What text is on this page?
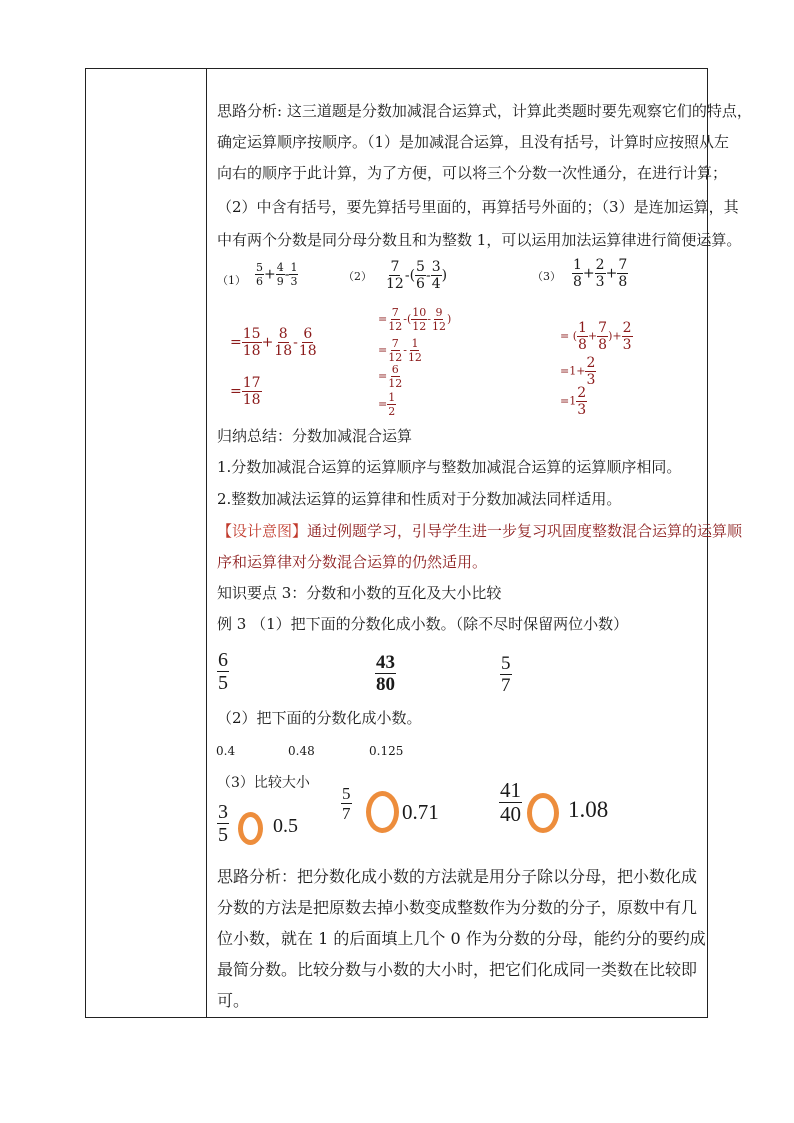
思路分析: 这三道题是分数加减混合运算式，计算此类题时要先观察它们的特点，
确定运算顺序按顺序。（1）是加减混合运算，且没有括号，计算时应按照从左
向右的顺序于此计算，为了方便，可以将三个分数一次性通分，在进行计算；
（2）中含有括号，要先算括号里面的，再算括号外面的；（3）是连加运算，其
中有两个分数是同分母分数且和为整数 1，可以运用加法运算律进行简便运算。
$(1) \frac{5}{6} + \frac{4}{9} - \frac{1}{3}$	$(2) \frac{7}{12}$ -( $\frac{5}{6} - \frac{3}{4}$ )	$(3) \frac{1}{8} + \frac{2}{3} + \frac{7}{8}$
= $\frac{15}{18} + \frac{8}{18} - \frac{6}{18}$
= $\frac{17}{18}$
= $\frac{7}{12}$ -( $\frac{10}{12} - \frac{9}{12}$ )
= $\frac{7}{12} - \frac{1}{12}$
= $\frac{6}{12}$
= $\frac{1}{2}$
= ( $\frac{1}{8} + \frac{7}{8}$ )+ $\frac{2}{3}$
$=1+ \frac{2}{3}$
$=1 \frac{2}{3}$
归纳总结：分数加减混合运算
1.分数加减混合运算的运算顺序与整数加减混合运算的运算顺序相同。
2.整数加减法运算的运算律和性质对于分数加减法同样适用。
【设计意图】通过例题学习，引导学生进一步复习巩固度整数混合运算的运算顺
序和运算律对分数混合运算的仍然适用。
知识要点 3：分数和小数的互化及大小比较
例 3 （1）把下面的分数化成小数。（除不尽时保留两位小数）
$\frac{6}{5}$	$\frac{43}{80}$	$\frac{5}{7}$
（2）把下面的分数化成小数。
0.4	0.48	0.125
（3）比较大小
$\frac{3}{5} 0.5$
$\frac{5}{7} 0.71$	$\frac{41}{40} 1.08$
思路分析：把分数化成小数的方法就是用分子除以分母，把小数化成
分数的方法是把原数去掉小数变成整数作为分数的分子，原数中有几
位小数，就在 1 的后面填上几个 0 作为分数的分母，能约分的要约成
最简分数。比较分数与小数的大小时，把它们化成同一类数在比较即
可。
